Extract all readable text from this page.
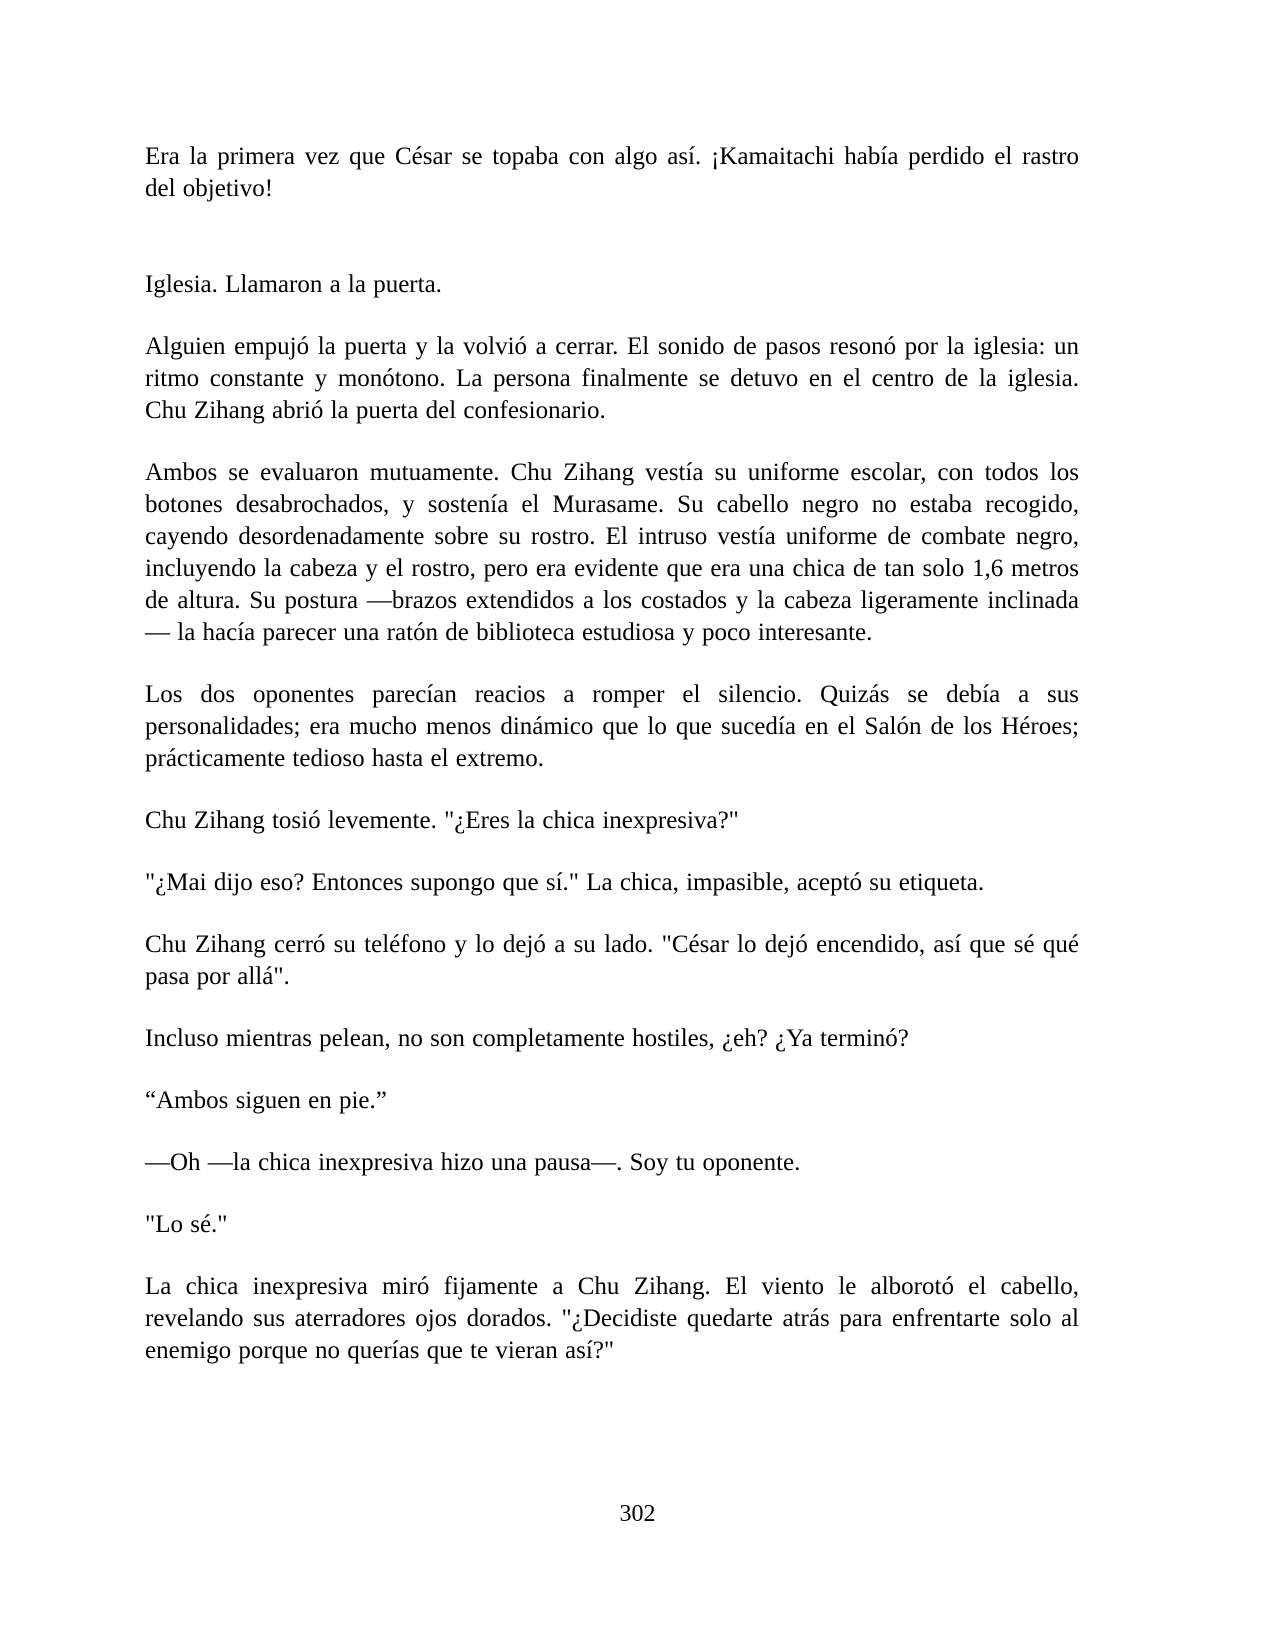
Era la primera vez que César se topaba con algo así. ¡Kamaitachi había perdido el rastro del objetivo!

Iglesia. Llamaron a la puerta.

Alguien empujó la puerta y la volvió a cerrar. El sonido de pasos resonó por la iglesia: un ritmo constante y monótono. La persona finalmente se detuvo en el centro de la iglesia. Chu Zihang abrió la puerta del confesionario.

Ambos se evaluaron mutuamente. Chu Zihang vestía su uniforme escolar, con todos los botones desabrochados, y sostenía el Murasame. Su cabello negro no estaba recogido, cayendo desordenadamente sobre su rostro. El intruso vestía uniforme de combate negro, incluyendo la cabeza y el rostro, pero era evidente que era una chica de tan solo 1,6 metros de altura. Su postura —brazos extendidos a los costados y la cabeza ligeramente inclinada— la hacía parecer una ratón de biblioteca estudiosa y poco interesante.

Los dos oponentes parecían reacios a romper el silencio. Quizás se debía a sus personalidades; era mucho menos dinámico que lo que sucedía en el Salón de los Héroes; prácticamente tedioso hasta el extremo.

Chu Zihang tosió levemente. "¿Eres la chica inexpresiva?"

"¿Mai dijo eso? Entonces supongo que sí." La chica, impasible, aceptó su etiqueta.

Chu Zihang cerró su teléfono y lo dejó a su lado. "César lo dejó encendido, así que sé qué pasa por allá".

Incluso mientras pelean, no son completamente hostiles, ¿eh? ¿Ya terminó?

“Ambos siguen en pie.”

—Oh —la chica inexpresiva hizo una pausa—. Soy tu oponente.

"Lo sé."

La chica inexpresiva miró fijamente a Chu Zihang. El viento le alborotó el cabello, revelando sus aterradores ojos dorados. "¿Decidiste quedarte atrás para enfrentarte solo al enemigo porque no querías que te vieran así?"

302
